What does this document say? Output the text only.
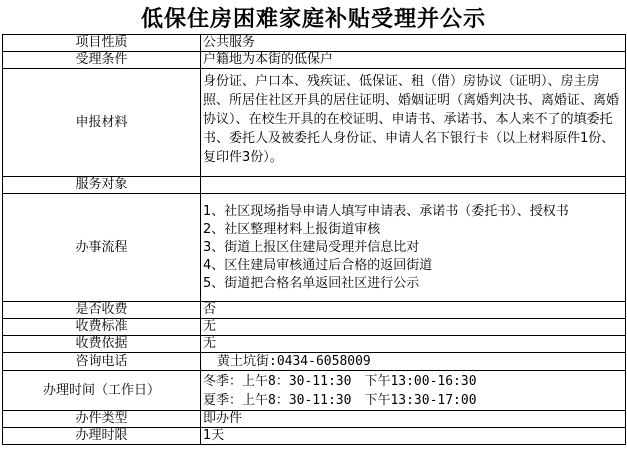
低保住房困难家庭补贴受理并公示
项目性质	公共服务
受理条件	户籍地为本街的低保户
申报材料	身份证、户口本、残疾证、低保证、租（借）房协议（证明）、房主房照、所居住社区开具的居住证明、婚姻证明（离婚判决书、离婚证、离婚协议）、在校生开具的在校证明、申请书、承诺书、本人来不了的填委托书、委托人及被委托人身份证、申请人名下银行卡（以上材料原件1份、复印件3份）。

服务对象	
办事流程	1、社区现场指导申请人填写申请表、承诺书（委托书）、授权书
2、社区整理材料上报街道审核
3、街道上报区住建局受理并信息比对
4、区住建局审核通过后合格的返回街道
5、街道把合格名单返回社区进行公示

是否收费	否
收费标准	无
收费依据	无
咨询电话	黄土坑街:0434-6058009
办理时间（工作日）	冬季：上午8：30-11:30　下午13:00-16:30
夏季：上午8：30-11:30　下午13:30-17:00

办件类型	即办件
办理时限	1天
